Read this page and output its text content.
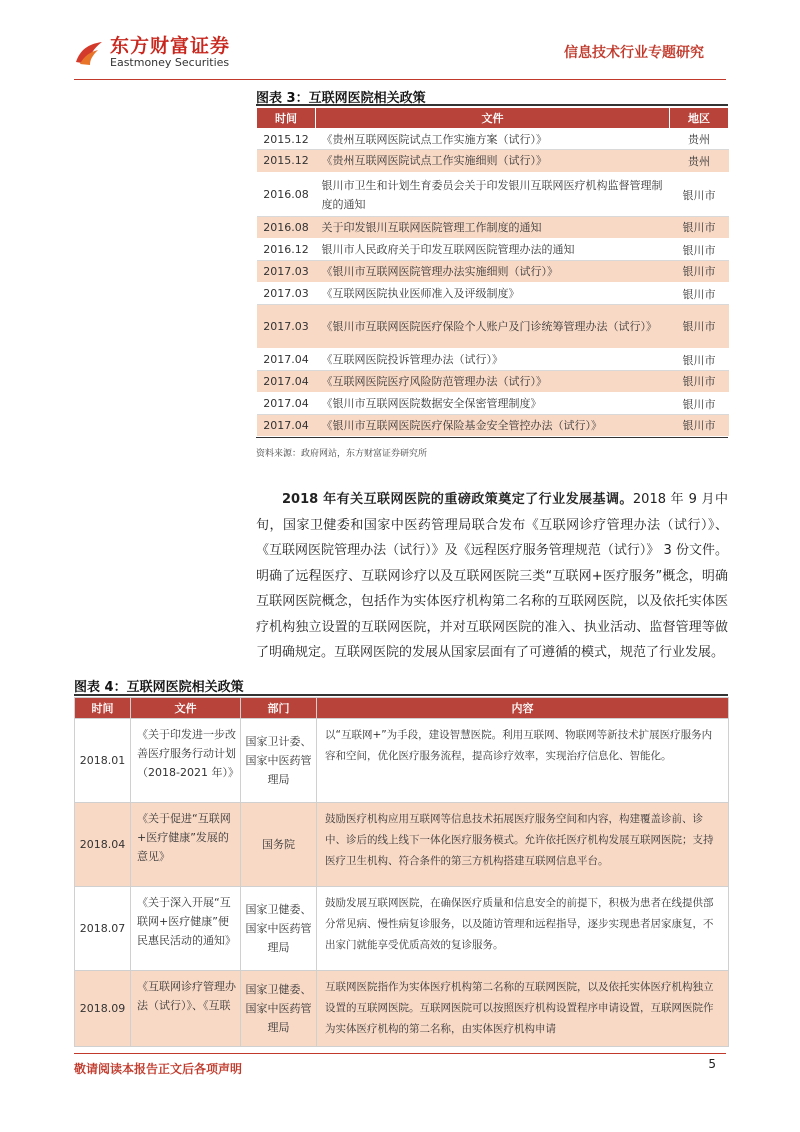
东方财富证券
Eastmoney Securities
信息技术行业专题研究
图表 3：互联网医院相关政策
时间	文件	地区
2015.12	《贵州互联网医院试点工作实施方案（试行）》	贵州
2015.12	《贵州互联网医院试点工作实施细则（试行）》	贵州
2016.08	银川市卫生和计划生育委员会关于印发银川互联网医疗机构监督管理制度的通知	银川市
2016.08	关于印发银川互联网医院管理工作制度的通知	银川市
2016.12	银川市人民政府关于印发互联网医院管理办法的通知	银川市
2017.03	《银川市互联网医院管理办法实施细则（试行）》	银川市
2017.03	《互联网医院执业医师准入及评级制度》	银川市
2017.03	《银川市互联网医院医疗保险个人账户及门诊统筹管理办法（试行）》	银川市
2017.04	《互联网医院投诉管理办法（试行）》	银川市
2017.04	《互联网医院医疗风险防范管理办法（试行）》	银川市
2017.04	《银川市互联网医院数据安全保密管理制度》	银川市
2017.04	《银川市互联网医院医疗保险基金安全管控办法（试行）》	银川市
资料来源：政府网站，东方财富证券研究所
2018 年有关互联网医院的重磅政策奠定了行业发展基调。2018 年 9 月中旬，国家卫健委和国家中医药管理局联合发布《互联网诊疗管理办法（试行）》、《互联网医院管理办法（试行）》及《远程医疗服务管理规范（试行）》 3 份文件。明确了远程医疗、互联网诊疗以及互联网医院三类“互联网+医疗服务”概念，明确互联网医院概念，包括作为实体医疗机构第二名称的互联网医院，以及依托实体医疗机构独立设置的互联网医院，并对互联网医院的准入、执业活动、监督管理等做了明确规定。互联网医院的发展从国家层面有了可遵循的模式，规范了行业发展。
图表 4：互联网医院相关政策
时间	文件	部门	内容
2018.01	《关于印发进一步改善医疗服务行动计划（2018-2021 年）》	国家卫计委、国家中医药管理局	以“互联网+”为手段，建设智慧医院。利用互联网、物联网等新技术扩展医疗服务内容和空间，优化医疗服务流程，提高诊疗效率，实现治疗信息化、智能化。
2018.04	《关于促进“互联网+医疗健康”发展的意见》	国务院	鼓励医疗机构应用互联网等信息技术拓展医疗服务空间和内容，构建覆盖诊前、诊中、诊后的线上线下一体化医疗服务模式。允许依托医疗机构发展互联网医院；支持医疗卫生机构、符合条件的第三方机构搭建互联网信息平台。
2018.07	《关于深入开展“互联网+医疗健康”便民惠民活动的通知》	国家卫健委、国家中医药管理局	鼓励发展互联网医院，在确保医疗质量和信息安全的前提下，积极为患者在线提供部分常见病、慢性病复诊服务，以及随访管理和远程指导，逐步实现患者居家康复，不出家门就能享受优质高效的复诊服务。
2018.09	《互联网诊疗管理办法（试行）》、《互联	国家卫健委、国家中医药管理局	互联网医院指作为实体医疗机构第二名称的互联网医院，以及依托实体医疗机构独立设置的互联网医院。互联网医院可以按照医疗机构设置程序申请设置，互联网医院作为实体医疗机构的第二名称，由实体医疗机构申请
敬请阅读本报告正文后各项声明	5
